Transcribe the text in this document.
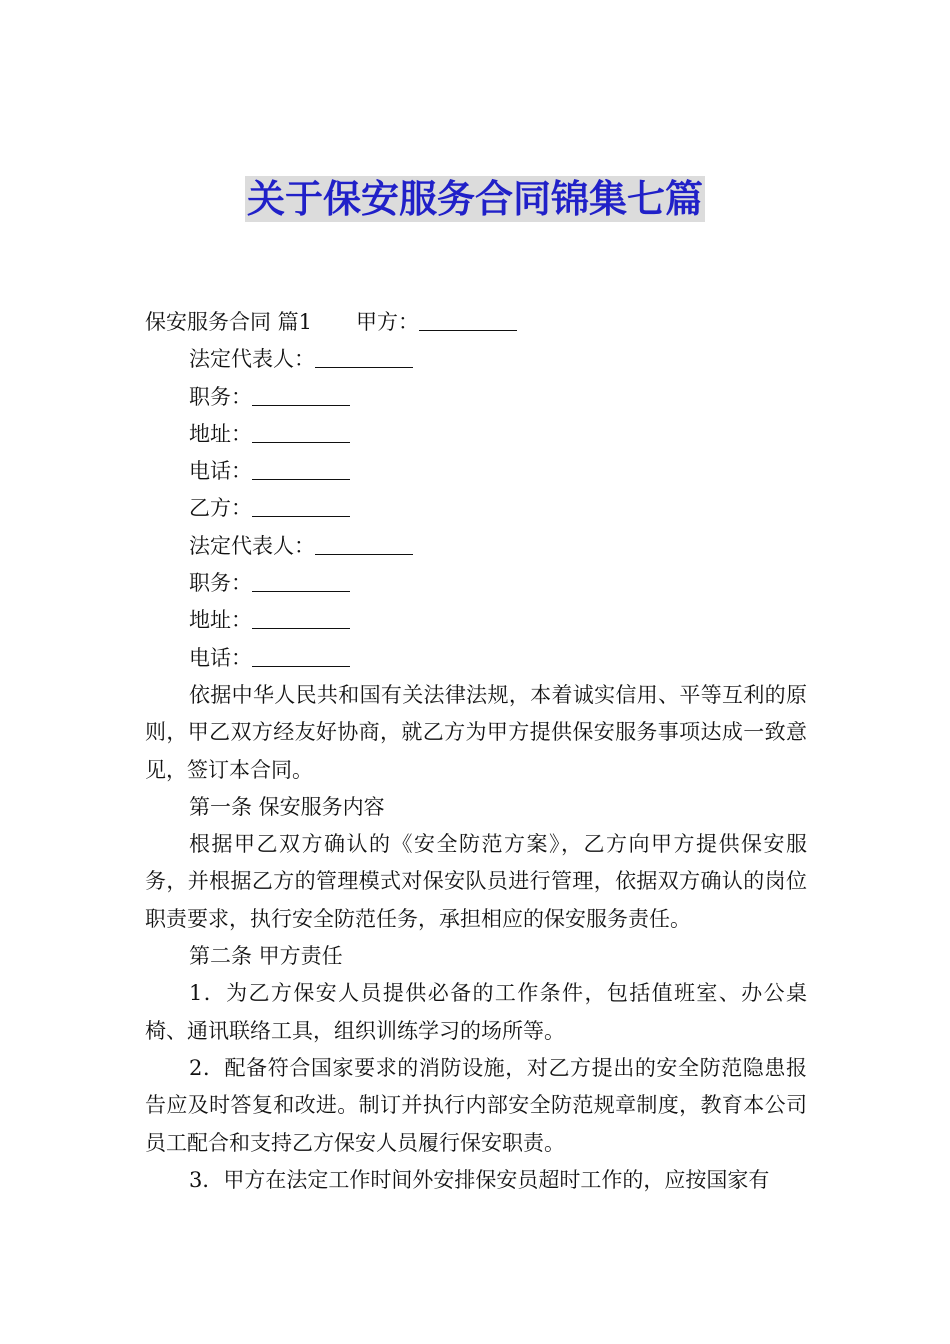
关于保安服务合同锦集七篇
保安服务合同 篇1 甲方：
法定代表人：
职务：
地址：
电话：
乙方：
法定代表人：
职务：
地址：
电话：
依据中华人民共和国有关法律法规，本着诚实信用、平等互利的原则，甲乙双方经友好协商，就乙方为甲方提供保安服务事项达成一致意见，签订本合同。
第一条 保安服务内容
根据甲乙双方确认的《安全防范方案》，乙方向甲方提供保安服务，并根据乙方的管理模式对保安队员进行管理，依据双方确认的岗位职责要求，执行安全防范任务，承担相应的保安服务责任。
第二条 甲方责任
1．为乙方保安人员提供必备的工作条件，包括值班室、办公桌椅、通讯联络工具，组织训练学习的场所等。
2．配备符合国家要求的消防设施，对乙方提出的安全防范隐患报告应及时答复和改进。制订并执行内部安全防范规章制度，教育本公司员工配合和支持乙方保安人员履行保安职责。
3．甲方在法定工作时间外安排保安员超时工作的，应按国家有
